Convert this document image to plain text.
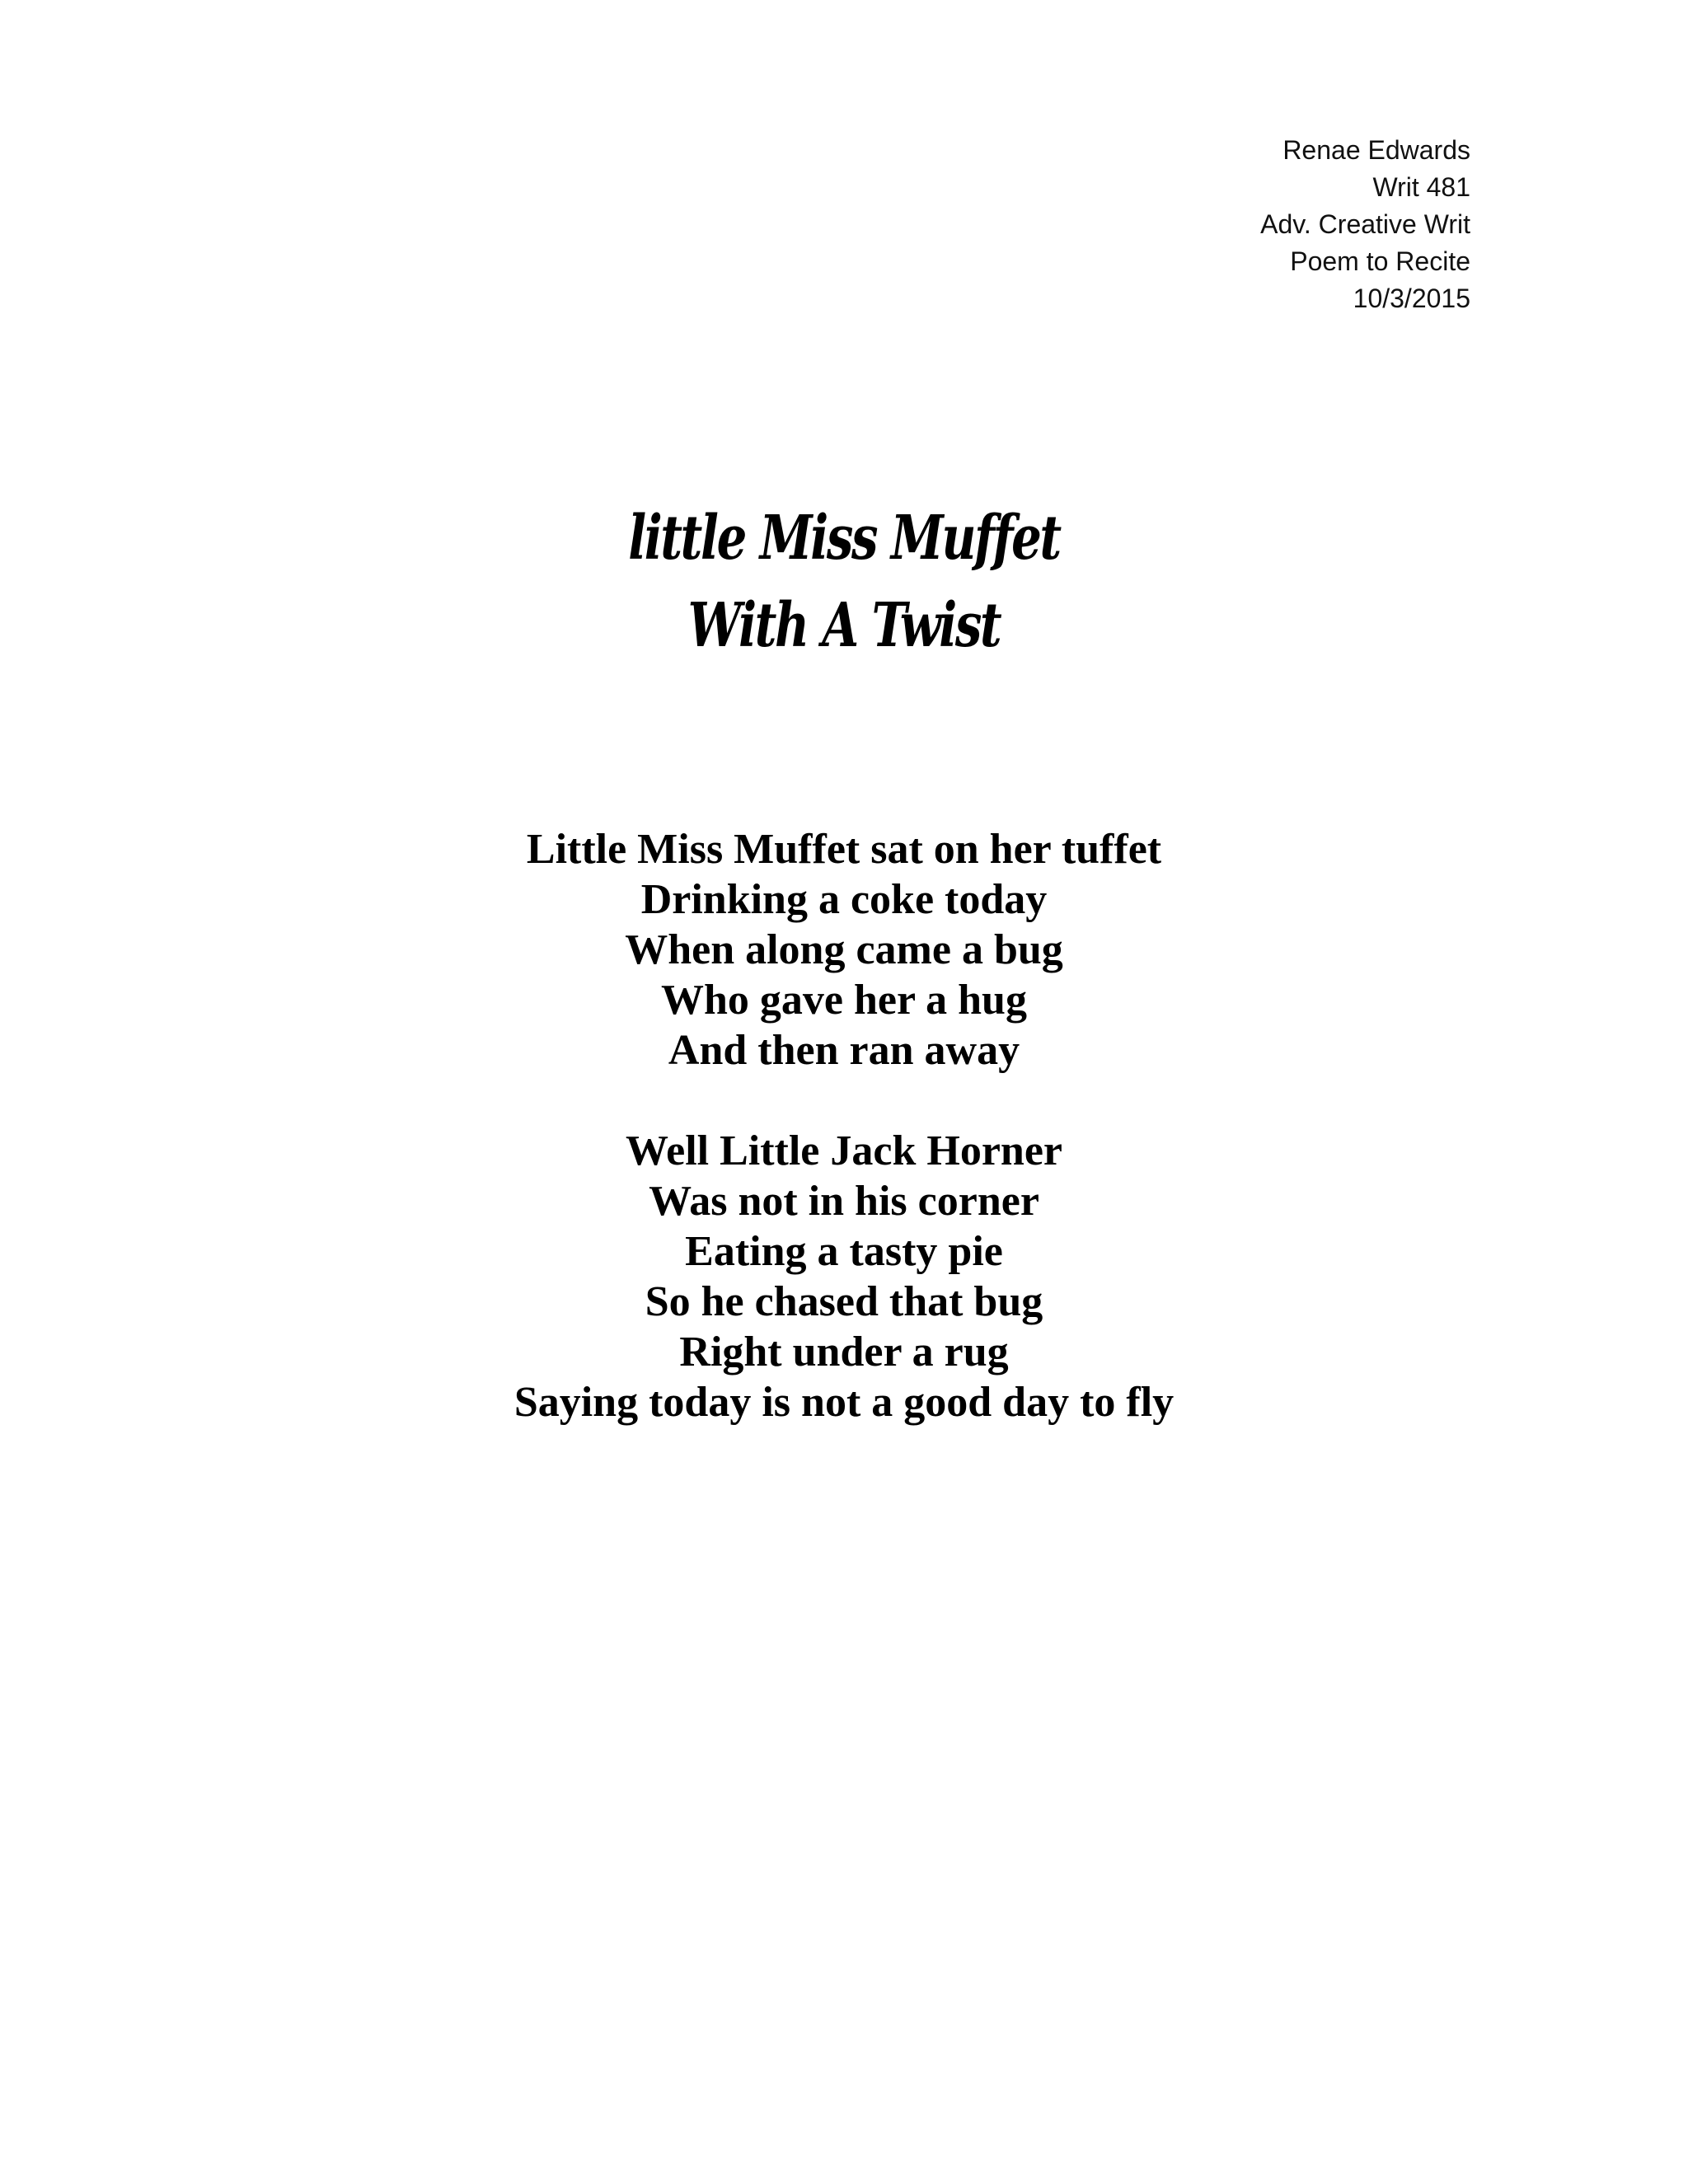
Renae Edwards
Writ 481
Adv. Creative Writ
Poem to Recite
10/3/2015
little Miss Muffet
With A Twist
Little Miss Muffet sat on her tuffet
Drinking a coke today
When along came a bug
Who gave her a hug
And then ran away
Well Little Jack Horner
Was not in his corner
Eating a tasty pie
So he chased that bug
Right under a rug
Saying today is not a good day to fly
